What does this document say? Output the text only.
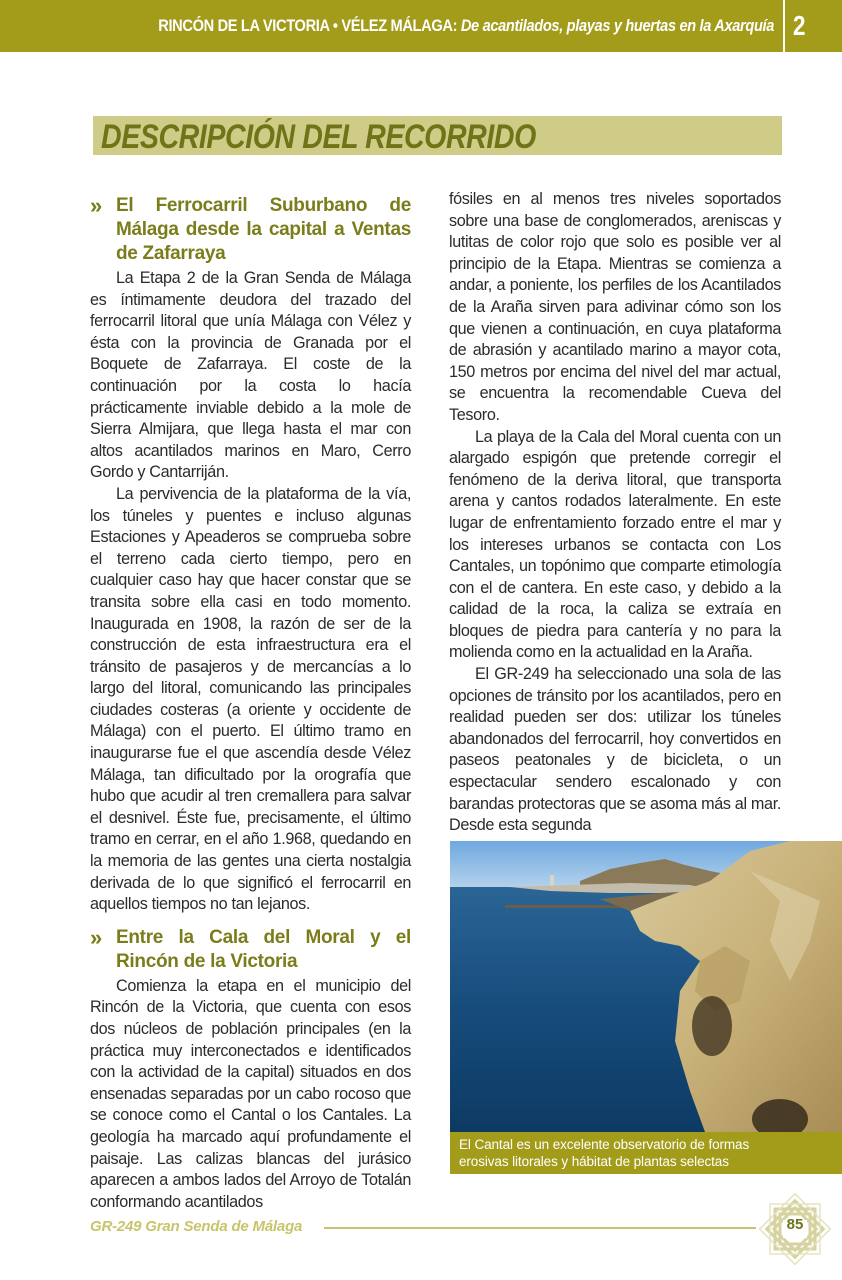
RINCÓN DE LA VICTORIA • VÉLEZ MÁLAGA: De acantilados, playas y huertas en la Axarquía 2
DESCRIPCIÓN DEL RECORRIDO
» El Ferrocarril Suburbano de Málaga desde la capital a Ventas de Zafarraya

La Etapa 2 de la Gran Senda de Málaga es íntimamente deudora del trazado del ferrocarril litoral que unía Málaga con Vélez y ésta con la provincia de Granada por el Boquete de Zafarraya. El coste de la continuación por la costa lo hacía prácticamente inviable debido a la mole de Sierra Almijara, que llega hasta el mar con altos acantilados marinos en Maro, Cerro Gordo y Cantarriján.

La pervivencia de la plataforma de la vía, los túneles y puentes e incluso algunas Estaciones y Apeaderos se comprueba sobre el terreno cada cierto tiempo, pero en cualquier caso hay que hacer constar que se transita sobre ella casi en todo momento. Inaugurada en 1908, la razón de ser de la construcción de esta infraestructura era el tránsito de pasajeros y de mercancías a lo largo del litoral, comunicando las principales ciudades costeras (a oriente y occidente de Málaga) con el puerto. El último tramo en inaugurarse fue el que ascendía desde Vélez Málaga, tan dificultado por la orografía que hubo que acudir al tren cremallera para salvar el desnivel. Éste fue, precisamente, el último tramo en cerrar, en el año 1.968, quedando en la memoria de las gentes una cierta nostalgia derivada de lo que significó el ferrocarril en aquellos tiempos no tan lejanos.

» Entre la Cala del Moral y el Rincón de la Victoria

Comienza la etapa en el municipio del Rincón de la Victoria, que cuenta con esos dos núcleos de población principales (en la práctica muy interconectados e identificados con la actividad de la capital) situados en dos ensenadas separadas por un cabo rocoso que se conoce como el Cantal o los Cantales. La geología ha marcado aquí profundamente el paisaje. Las calizas blancas del jurásico aparecen a ambos lados del Arroyo de Totalán conformando acantilados

fósiles en al menos tres niveles soportados sobre una base de conglomerados, areniscas y lutitas de color rojo que solo es posible ver al principio de la Etapa. Mientras se comienza a andar, a poniente, los perfiles de los Acantilados de la Araña sirven para adivinar cómo son los que vienen a continuación, en cuya plataforma de abrasión y acantilado marino a mayor cota, 150 metros por encima del nivel del mar actual, se encuentra la recomendable Cueva del Tesoro.

La playa de la Cala del Moral cuenta con un alargado espigón que pretende corregir el fenómeno de la deriva litoral, que transporta arena y cantos rodados lateralmente. En este lugar de enfrentamiento forzado entre el mar y los intereses urbanos se contacta con Los Cantales, un topónimo que comparte etimología con el de cantera. En este caso, y debido a la calidad de la roca, la caliza se extraía en bloques de piedra para cantería y no para la molienda como en la actualidad en la Araña.

El GR-249 ha seleccionado una sola de las opciones de tránsito por los acantilados, pero en realidad pueden ser dos: utilizar los túneles abandonados del ferrocarril, hoy convertidos en paseos peatonales y de bicicleta, o un espectacular sendero escalonado y con barandas protectoras que se asoma más al mar. Desde esta segunda

El Cantal es un excelente observatorio de formas erosivas litorales y hábitat de plantas selectas
GR-249 Gran Senda de Málaga	85
